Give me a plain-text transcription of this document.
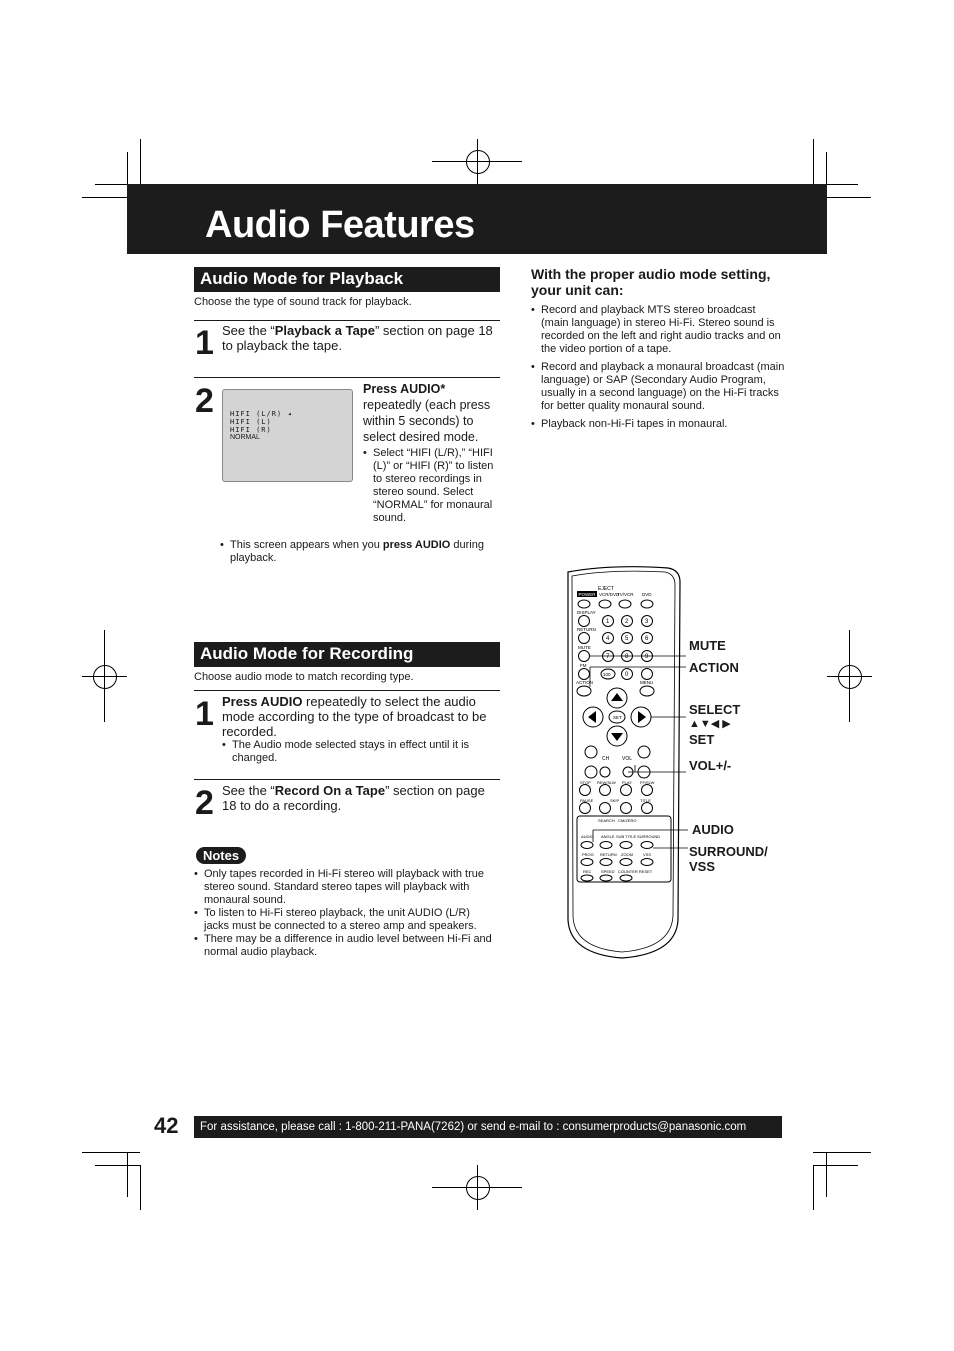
Audio Features
Audio Mode for Playback
Choose the type of sound track for playback.
1 See the “Playback a Tape” section on page 18 to playback the tape.
2 HIFI (L/R) ◂
HIFI (L)
HIFI (R)
NORMAL
Press AUDIO*
repeatedly (each press within 5 seconds) to select desired mode.
• Select “HIFI (L/R),” “HIFI (L)” or “HIFI (R)” to listen to stereo recordings in stereo sound. Select “NORMAL” for monaural sound.
• This screen appears when you press AUDIO during playback.
With the proper audio mode setting, your unit can:
• Record and playback MTS stereo broadcast (main language) in stereo Hi-Fi. Stereo sound is recorded on the left and right audio tracks and on the video portion of a tape.
• Record and playback a monaural broadcast (main language) or SAP (Secondary Audio Program, usually in a second language) on the Hi-Fi tracks for better quality monaural sound.
• Playback non-Hi-Fi tapes in monaural.
Audio Mode for Recording
Choose audio mode to match recording type.
1 Press AUDIO repeatedly to select the audio mode according to the type of broadcast to be recorded.
• The Audio mode selected stays in effect until it is changed.
2 See the “Record On a Tape” section on page 18 to do a recording.
Notes
• Only tapes recorded in Hi-Fi stereo will playback with true stereo sound. Standard stereo tapes will playback with monaural sound.
• To listen to Hi-Fi stereo playback, the unit AUDIO (L/R) jacks must be connected to a stereo amp and speakers.
• There may be a difference in audio level between Hi-Fi and normal audio playback.
EJECT
POWER VCR/DVD
TV/VCR DVD
DISPLAY
1	2	3
RETURN
4	5	6
MUTE
7	8	9
FM
100 0
ACTION	MENU
SET
CH	VOL
STOP REW/SLW PLAY FF/SLW
PAUSE	SKIP	TITLE
SEARCH CM/ZERO
AUDIO ANGLE SUB TITLE SURROUND
PROG RETURN ZOOM	VSS
REC SPEED COUNTER RESET
MUTE
ACTION
SELECT
▲▼◀ ▶
SET
VOL+/-
AUDIO
SURROUND/
VSS
42	For assistance, please call : 1-800-211-PANA(7262) or send e-mail to : consumerproducts@panasonic.com
